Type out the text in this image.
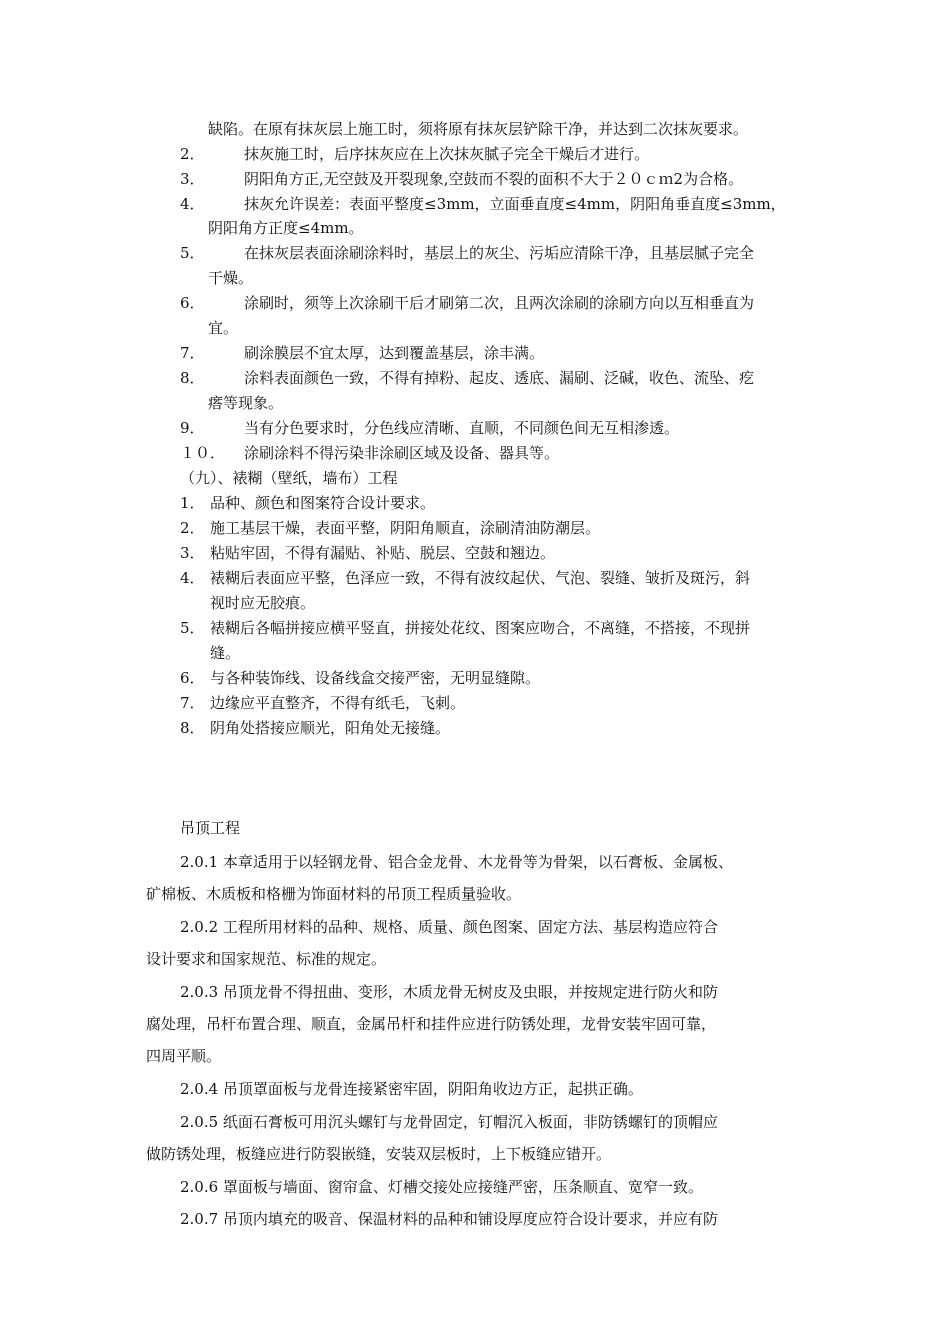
缺陷。在原有抹灰层上施工时，须将原有抹灰层铲除干净，并达到二次抹灰要求。
2．	抹灰施工时，后序抹灰应在上次抹灰腻子完全干燥后才进行。
3．	阴阳角方正,无空鼓及开裂现象,空鼓而不裂的面积不大于２０ｃｍ2为合格。
4．	抹灰允许误差：表面平整度≤3mm，立面垂直度≤4mm，阴阳角垂直度≤3mm，
阴阳角方正度≤4mm。
5．	在抹灰层表面涂刷涂料时，基层上的灰尘、污垢应清除干净，且基层腻子完全
干燥。
6．	涂刷时，须等上次涂刷干后才刷第二次，且两次涂刷的涂刷方向以互相垂直为
宜。
7．	刷涂膜层不宜太厚，达到覆盖基层，涂丰满。
8．	涂料表面颜色一致，不得有掉粉、起皮、透底、漏刷、泛碱，收色、流坠、疙
瘩等现象。
9．	当有分色要求时，分色线应清晰、直顺，不同颜色间无互相渗透。
１０． 涂刷涂料不得污染非涂刷区域及设备、器具等。
（九）、裱糊（壁纸，墙布）工程
1． 品种、颜色和图案符合设计要求。
2． 施工基层干燥，表面平整，阴阳角顺直，涂刷清油防潮层。
3． 粘贴牢固，不得有漏贴、补贴、脱层、空鼓和翘边。
4． 裱糊后表面应平整，色泽应一致，不得有波纹起伏、气泡、裂缝、皱折及斑污，斜
视时应无胶痕。
5． 裱糊后各幅拼接应横平竖直，拼接处花纹、图案应吻合，不离缝，不搭接，不现拼
缝。
6． 与各种装饰线、设备线盒交接严密，无明显缝隙。
7． 边缘应平直整齐，不得有纸毛，飞刺。
8． 阴角处搭接应顺光，阳角处无接缝。
吊顶工程
2.0.1 本章适用于以轻钢龙骨、铝合金龙骨、木龙骨等为骨架，以石膏板、金属板、
矿棉板、木质板和格栅为饰面材料的吊顶工程质量验收。
2.0.2 工程所用材料的品种、规格、质量、颜色图案、固定方法、基层构造应符合
设计要求和国家规范、标准的规定。
2.0.3 吊顶龙骨不得扭曲、变形，木质龙骨无树皮及虫眼，并按规定进行防火和防
腐处理，吊杆布置合理、顺直，金属吊杆和挂件应进行防锈处理，龙骨安装牢固可靠，
四周平顺。
2.0.4 吊顶罩面板与龙骨连接紧密牢固，阴阳角收边方正，起拱正确。
2.0.5 纸面石膏板可用沉头螺钉与龙骨固定，钉帽沉入板面，非防锈螺钉的顶帽应
做防锈处理，板缝应进行防裂嵌缝，安装双层板时，上下板缝应错开。
2.0.6 罩面板与墙面、窗帘盒、灯槽交接处应接缝严密，压条顺直、宽窄一致。
2.0.7 吊顶内填充的吸音、保温材料的品种和铺设厚度应符合设计要求，并应有防
